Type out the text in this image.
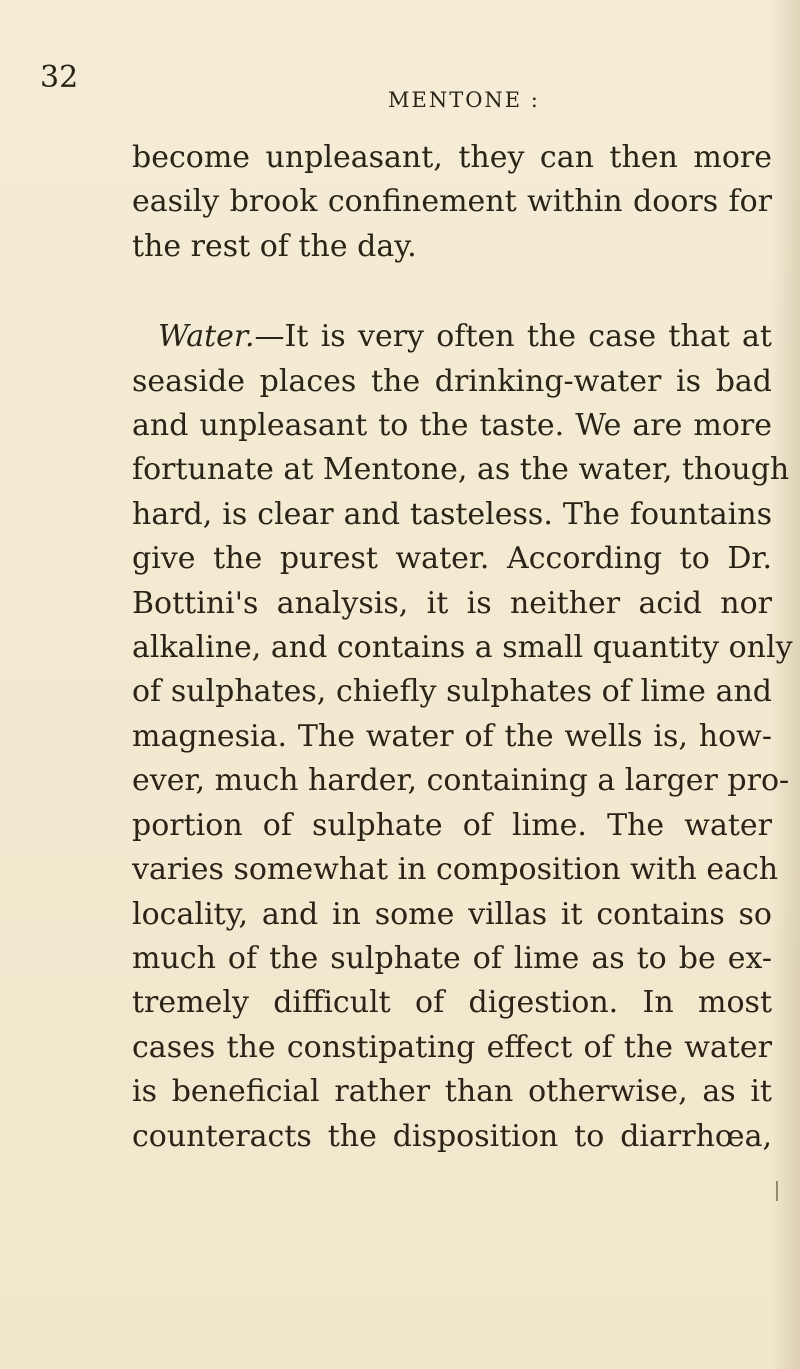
32

MENTONE :

become unpleasant, they can then more
easily brook confinement within doors for
the rest of the day.
Water.—It is very often the case that at
seaside places the drinking-water is bad
and unpleasant to the taste. We are more
fortunate at Mentone, as the water, though
hard, is clear and tasteless. The fountains
give the purest water. According to Dr.
Bottini's analysis, it is neither acid nor
alkaline, and contains a small quantity only
of sulphates, chiefly sulphates of lime and
magnesia. The water of the wells is, how-
ever, much harder, containing a larger pro-
portion of sulphate of lime. The water
varies somewhat in composition with each
locality, and in some villas it contains so
much of the sulphate of lime as to be ex-
tremely difficult of digestion. In most
cases the constipating effect of the water
is beneficial rather than otherwise, as it
counteracts the disposition to diarrhœa,
